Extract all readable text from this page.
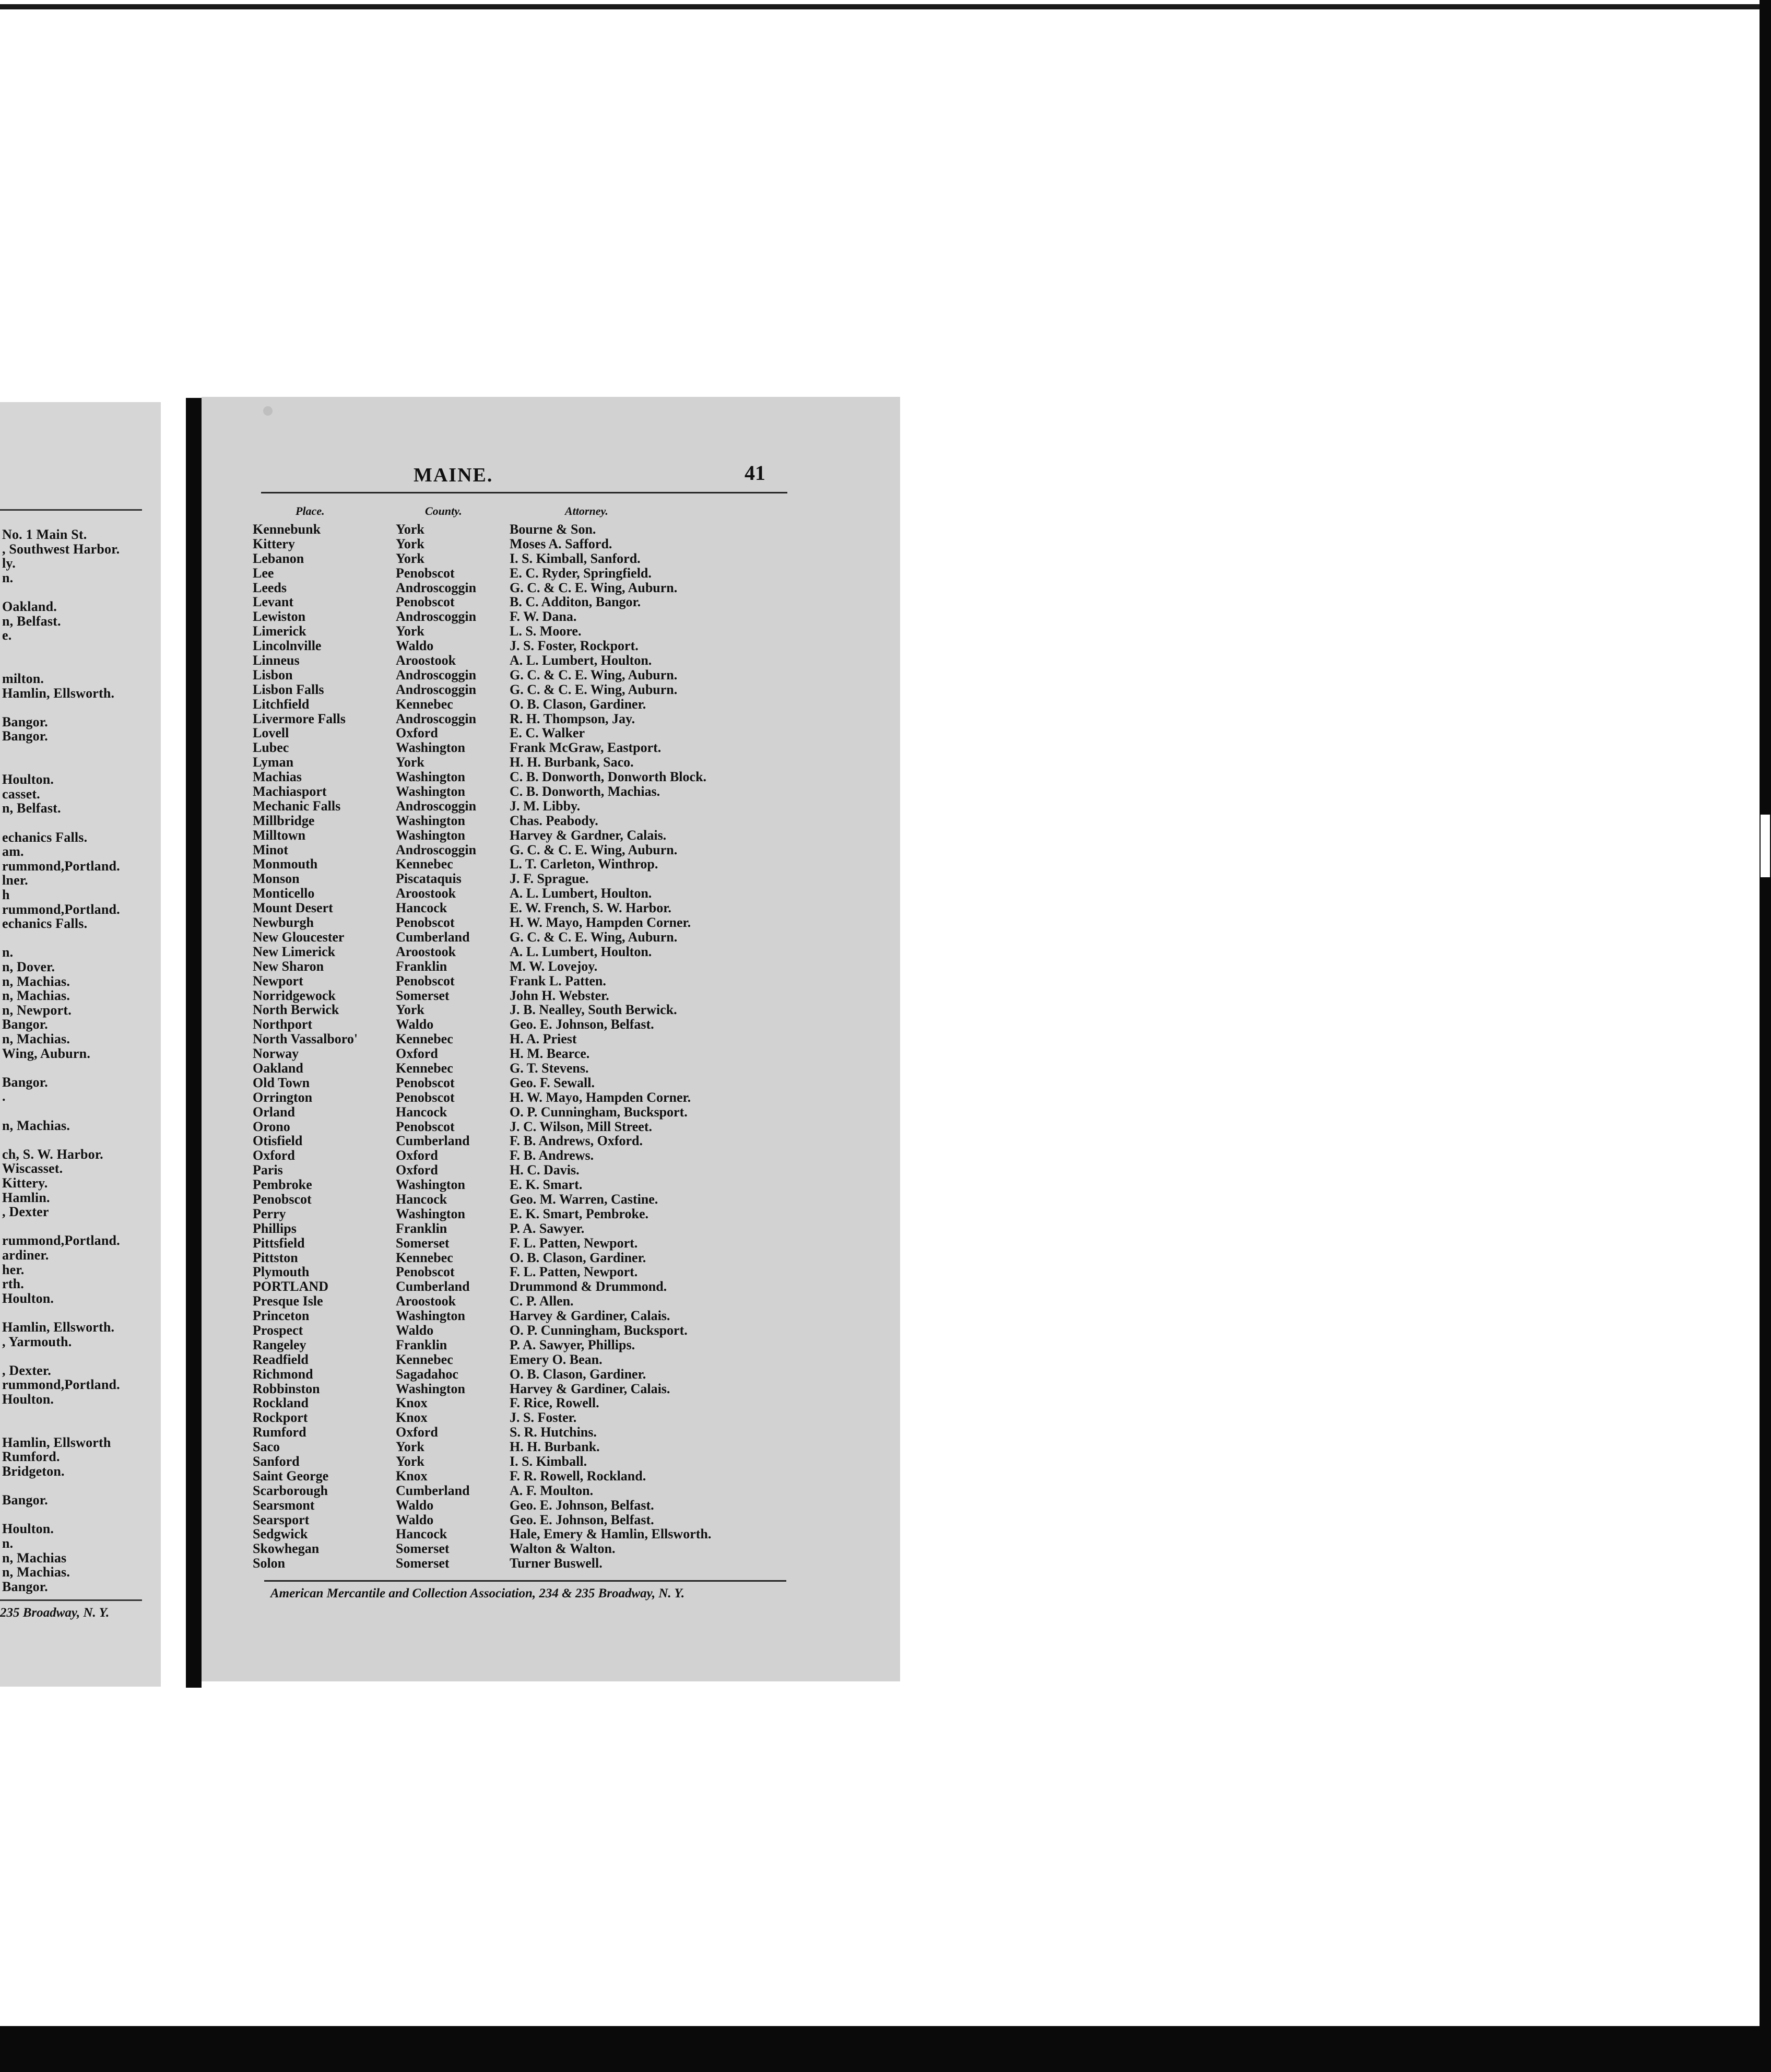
No. 1 Main St.
, Southwest Harbor.
ly.
n.
Oakland.
n, Belfast.
e.
milton.
Hamlin, Ellsworth.
Bangor.
Bangor.
Houlton.
casset.
n, Belfast.
echanics Falls.
am.
rummond,Portland.
lner.
h
rummond,Portland.
echanics Falls.
n.
n, Dover.
n, Machias.
n, Machias.
n, Newport.
Bangor.
n, Machias.
Wing, Auburn.
Bangor.
.
n, Machias.
ch, S. W. Harbor.
Wiscasset.
Kittery.
Hamlin.
, Dexter
rummond,Portland.
ardiner.
her.
rth.
Houlton.
Hamlin, Ellsworth.
, Yarmouth.
, Dexter.
rummond,Portland.
Houlton.
Hamlin, Ellsworth
Rumford.
Bridgeton.
Bangor.
Houlton.
n.
n, Machias
n, Machias.
Bangor.
235 Broadway, N. Y.
MAINE.	41
Place.	County.	Attorney.
Kennebunk	York	Bourne & Son.
Kittery	York	Moses A. Safford.
Lebanon	York	I. S. Kimball, Sanford.
Lee	Penobscot	E. C. Ryder, Springfield.
Leeds	Androscoggin G. C. & C. E. Wing, Auburn.
Levant	Penobscot	B. C. Additon, Bangor.
Lewiston	Androscoggin F. W. Dana.
Limerick	York	L. S. Moore.
Lincolnville	Waldo	J. S. Foster, Rockport.
Linneus	Aroostook	A. L. Lumbert, Houlton.
Lisbon	Androscoggin G. C. & C. E. Wing, Auburn.
Lisbon Falls	Androscoggin G. C. & C. E. Wing, Auburn.
Litchfield	Kennebec	O. B. Clason, Gardiner.
Livermore Falls	Androscoggin R. H. Thompson, Jay.
Lovell	Oxford	E. C. Walker
Lubec	Washington	Frank McGraw, Eastport.
Lyman	York	H. H. Burbank, Saco.
Machias	Washington	C. B. Donworth, Donworth Block.
Machiasport	Washington	C. B. Donworth, Machias.
Mechanic Falls	Androscoggin J. M. Libby.
Millbridge	Washington	Chas. Peabody.
Milltown	Washington	Harvey & Gardner, Calais.
Minot	Androscoggin G. C. & C. E. Wing, Auburn.
Monmouth	Kennebec	L. T. Carleton, Winthrop.
Monson	Piscataquis	J. F. Sprague.
Monticello	Aroostook	A. L. Lumbert, Houlton.
Mount Desert	Hancock	E. W. French, S. W. Harbor.
Newburgh	Penobscot	H. W. Mayo, Hampden Corner.
New Gloucester	Cumberland	G. C. & C. E. Wing, Auburn.
New Limerick	Aroostook	A. L. Lumbert, Houlton.
New Sharon	Franklin	M. W. Lovejoy.
Newport	Penobscot	Frank L. Patten.
Norridgewock	Somerset	John H. Webster.
North Berwick	York	J. B. Nealley, South Berwick.
Northport	Waldo	Geo. E. Johnson, Belfast.
North Vassalboro'	Kennebec	H. A. Priest
Norway	Oxford	H. M. Bearce.
Oakland	Kennebec	G. T. Stevens.
Old Town	Penobscot	Geo. F. Sewall.
Orrington	Penobscot	H. W. Mayo, Hampden Corner.
Orland	Hancock	O. P. Cunningham, Bucksport.
Orono	Penobscot	J. C. Wilson, Mill Street.
Otisfield	Cumberland	F. B. Andrews, Oxford.
Oxford	Oxford	F. B. Andrews.
Paris	Oxford	H. C. Davis.
Pembroke	Washington	E. K. Smart.
Penobscot	Hancock	Geo. M. Warren, Castine.
Perry	Washington	E. K. Smart, Pembroke.
Phillips	Franklin	P. A. Sawyer.
Pittsfield	Somerset	F. L. Patten, Newport.
Pittston	Kennebec	O. B. Clason, Gardiner.
Plymouth	Penobscot	F. L. Patten, Newport.
PORTLAND	Cumberland	Drummond & Drummond.
Presque Isle	Aroostook	C. P. Allen.
Princeton	Washington	Harvey & Gardiner, Calais.
Prospect	Waldo	O. P. Cunningham, Bucksport.
Rangeley	Franklin	P. A. Sawyer, Phillips.
Readfield	Kennebec	Emery O. Bean.
Richmond	Sagadahoc	O. B. Clason, Gardiner.
Robbinston	Washington	Harvey & Gardiner, Calais.
Rockland	Knox	F. Rice, Rowell.
Rockport	Knox	J. S. Foster.
Rumford	Oxford	S. R. Hutchins.
Saco	York	H. H. Burbank.
Sanford	York	I. S. Kimball.
Saint George	Knox	F. R. Rowell, Rockland.
Scarborough	Cumberland	A. F. Moulton.
Searsmont	Waldo	Geo. E. Johnson, Belfast.
Searsport	Waldo	Geo. E. Johnson, Belfast.
Sedgwick	Hancock	Hale, Emery & Hamlin, Ellsworth.
Skowhegan	Somerset	Walton & Walton.
Solon	Somerset	Turner Buswell.
American Mercantile and Collection Association, 234 & 235 Broadway, N. Y.
